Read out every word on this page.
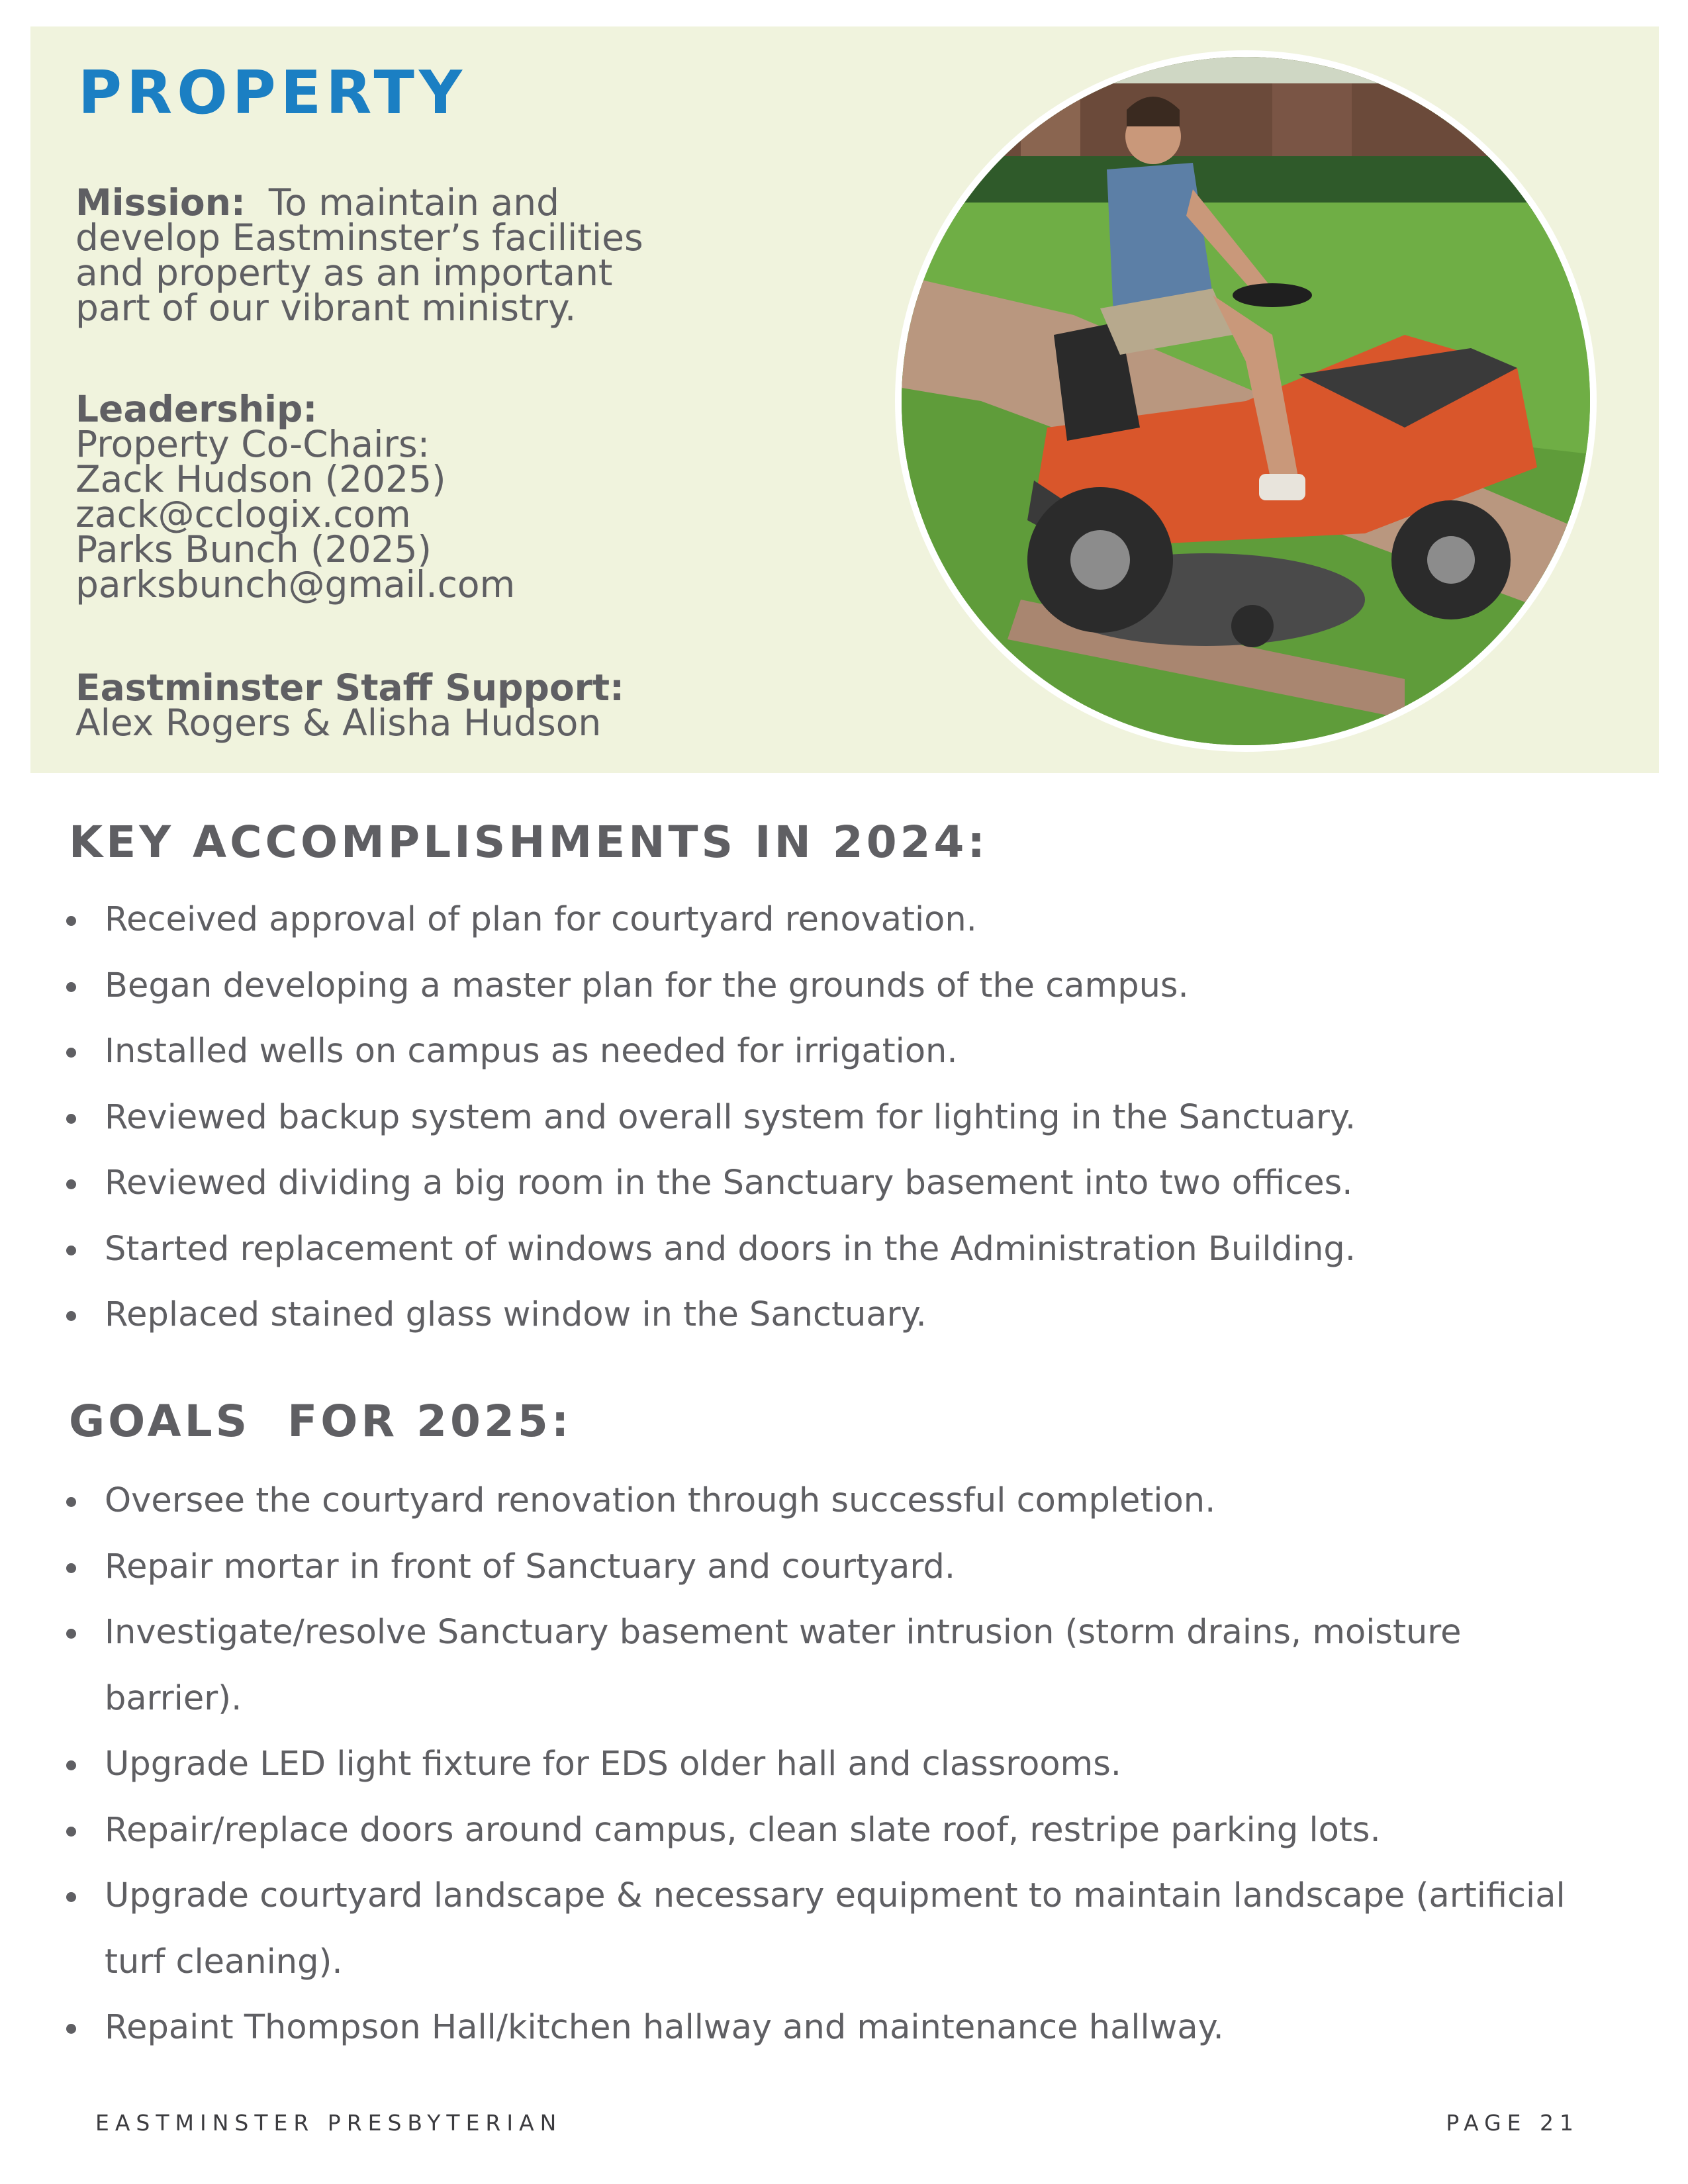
PROPERTY
Mission: To maintain and
develop Eastminster’s facilities
and property as an important
part of our vibrant ministry.
Leadership:
Property Co-Chairs:
Zack Hudson (2025)
zack@cclogix.com
Parks Bunch (2025)
parksbunch@gmail.com
Eastminster Staff Support:
Alex Rogers & Alisha Hudson
KEY ACCOMPLISHMENTS IN 2024:
Received approval of plan for courtyard renovation.
Began developing a master plan for the grounds of the campus.
Installed wells on campus as needed for irrigation.
Reviewed backup system and overall system for lighting in the Sanctuary.
Reviewed dividing a big room in the Sanctuary basement into two offices.
Started replacement of windows and doors in the Administration Building.
Replaced stained glass window in the Sanctuary.
GOALS  FOR 2025:
Oversee the courtyard renovation through successful completion.
Repair mortar in front of Sanctuary and courtyard.
Investigate/resolve Sanctuary basement water intrusion (storm drains, moisture barrier).
Upgrade LED light fixture for EDS older hall and classrooms.
Repair/replace doors around campus, clean slate roof, restripe parking lots.
Upgrade courtyard landscape & necessary equipment to maintain landscape (artificial turf cleaning).
Repaint Thompson Hall/kitchen hallway and maintenance hallway.
EASTMINSTER PRESBYTERIAN	PAGE 21
